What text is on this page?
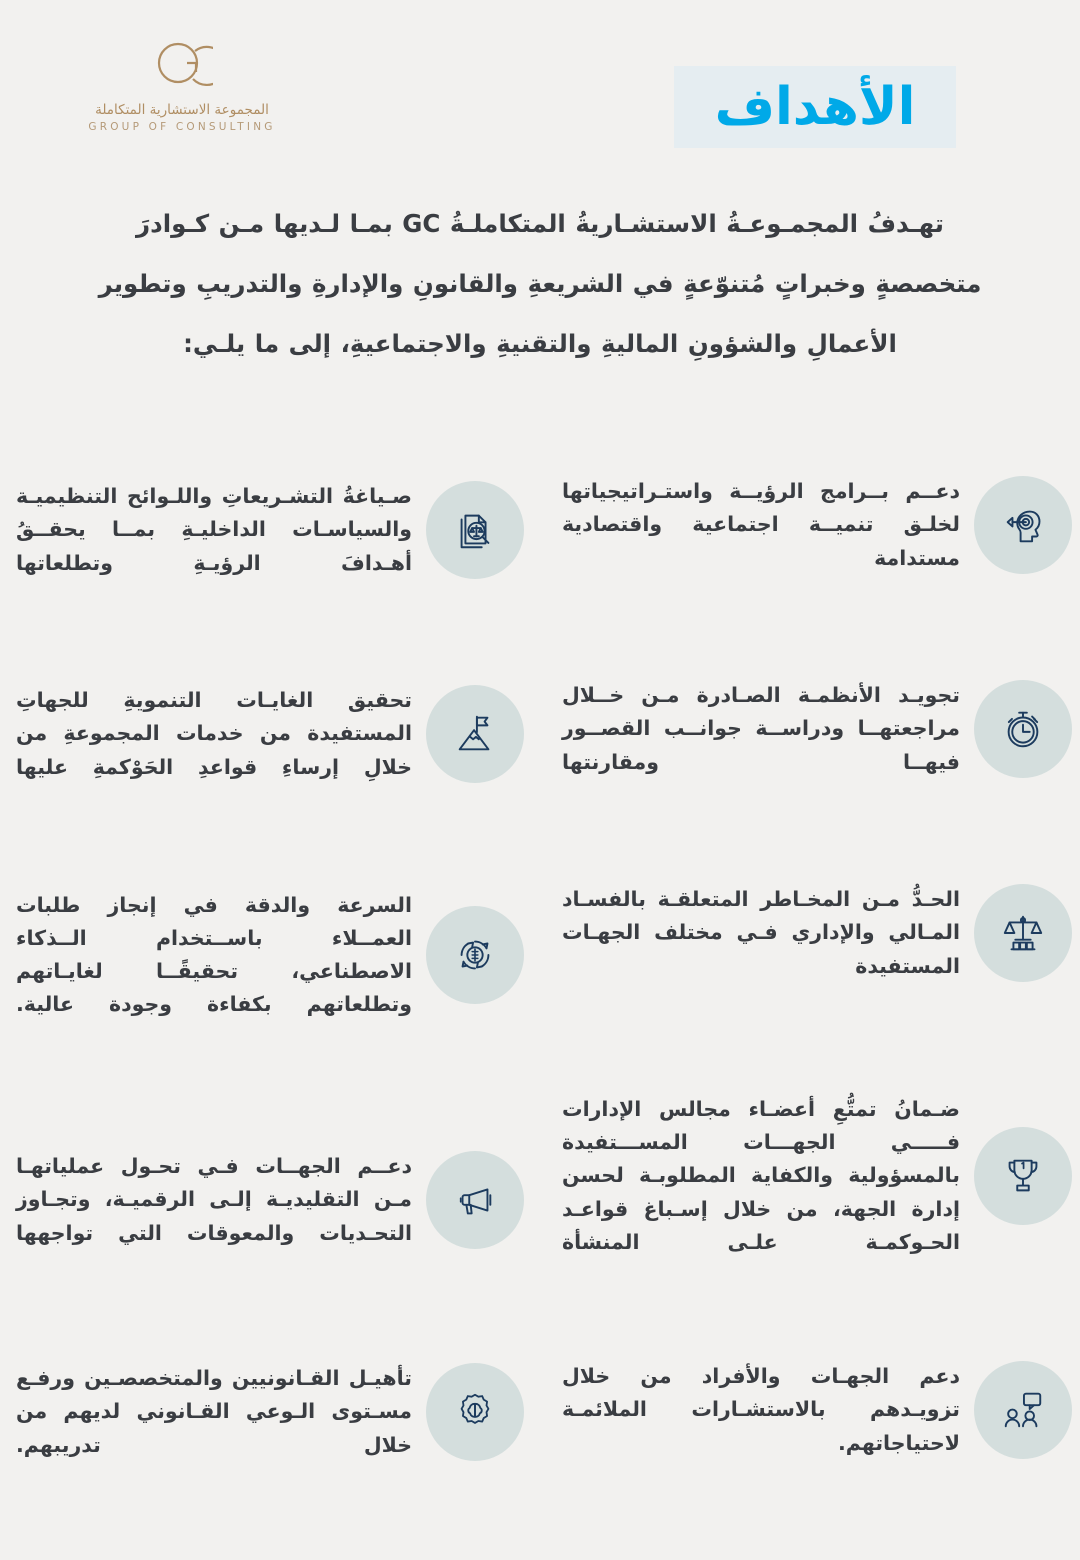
المجموعة الاستشارية المتكاملة
GROUP OF CONSULTING	الأهداف
تهـدفُ المجمـوعـةُ الاستشـاريةُ المتكاملـةُ GC بمـا لـديها مـن كـوادرَ
متخصصةٍ وخبراتٍ مُتنوّعةٍ في الشريعةِ والقانونِ والإدارةِ والتدريبِ وتطوير
الأعمالِ والشؤونِ الماليةِ والتقنيةِ والاجتماعيةِ، إلى ما يلـي:
دعــم بــرامج الرؤيــة واستـراتيجياتها لخلـق تنميــة اجتماعية واقتصادية مستدامة
تجويـد الأنظمـة الصـادرة مـن خــلال مراجعتهــا ودراســة جوانــب القصــور فيهــا ومقارنتها
الحـدُّ مـن المخـاطر المتعلقـة بالفسـاد المـالي والإداري فـي مختلف الجهـات المستفيدة
ضـمانُ تمتُّعِ أعضـاء مجالس الإدارات فـــــي الجهـــات المســـتفيدة بالمسؤولية والكفاية المطلوبـة لحسن إدارة الجهة، من خلال إسـباغ قواعـد الحـوكمـة علـى المنشأة
دعم الجهـات والأفراد من خلال تزويـدهم بالاستشـارات الملائمـة لاحتياجاتهم.
صـياغةُ التشـريعاتِ واللـوائح التنظيميـة والسياسـات الداخليـةِ بمــا يحقــقُ أهـدافَ الرؤيـةِ وتطلعاتها
تحقيق الغايـات التنمويةِ للجهاتِ المستفيدة من خدمات المجموعةِ من خلالِ إرساءِ قواعدِ الحَوْكمةِ عليها
السرعة والدقة في إنجاز طلبات العمــلاء باســتخدام الــذكاء الاصطناعي، تحقيقًــا لغايـاتهم وتطلعاتهم بكفاءة وجودة عالية.
دعــم الجهــات فـي تحـول عملياتهـا مـن التقليديـة إلـى الرقميـة، وتجـاوز التحـديات والمعوقات التي تواجهها
تأهيـل القـانونيين والمتخصصـين ورفـع مسـتوى الـوعي القـانوني لديهم من خلال تدريبهم.
